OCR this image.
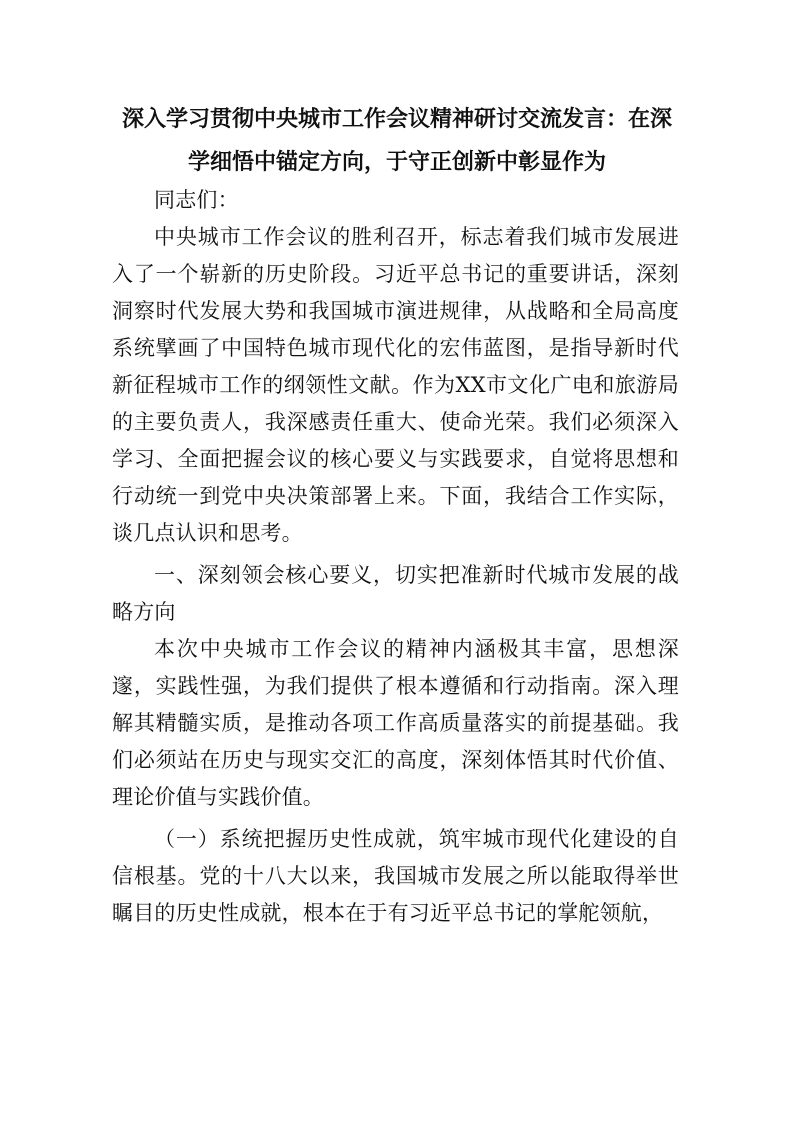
深入学习贯彻中央城市工作会议精神研讨交流发言：在深学细悟中锚定方向，于守正创新中彰显作为

同志们：

中央城市工作会议的胜利召开，标志着我们城市发展进入了一个崭新的历史阶段。习近平总书记的重要讲话，深刻洞察时代发展大势和我国城市演进规律，从战略和全局高度系统擘画了中国特色城市现代化的宏伟蓝图，是指导新时代新征程城市工作的纲领性文献。作为XX市文化广电和旅游局的主要负责人，我深感责任重大、使命光荣。我们必须深入学习、全面把握会议的核心要义与实践要求，自觉将思想和行动统一到党中央决策部署上来。下面，我结合工作实际，谈几点认识和思考。

一、深刻领会核心要义，切实把准新时代城市发展的战略方向

本次中央城市工作会议的精神内涵极其丰富，思想深邃，实践性强，为我们提供了根本遵循和行动指南。深入理解其精髓实质，是推动各项工作高质量落实的前提基础。我们必须站在历史与现实交汇的高度，深刻体悟其时代价值、理论价值与实践价值。

（一）系统把握历史性成就，筑牢城市现代化建设的自信根基。党的十八大以来，我国城市发展之所以能取得举世瞩目的历史性成就，根本在于有习近平总书记的掌舵领航，
